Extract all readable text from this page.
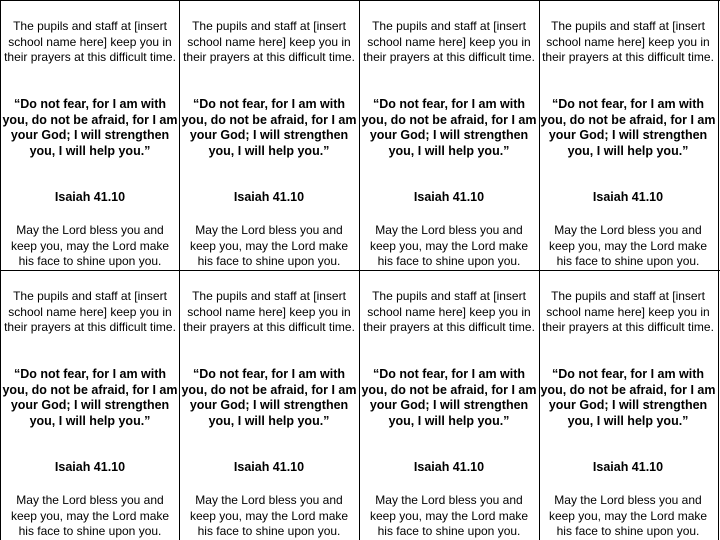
The pupils and staff at [insert school name here] keep you in their prayers at this difficult time.

“Do not fear, for I am with you, do not be afraid, for I am your God; I will strengthen you, I will help you.”

Isaiah 41.10

May the Lord bless you and keep you, may the Lord make his face to shine upon you.

The pupils and staff at [insert school name here] keep you in their prayers at this difficult time.

“Do not fear, for I am with you, do not be afraid, for I am your God; I will strengthen you, I will help you.”

Isaiah 41.10

May the Lord bless you and keep you, may the Lord make his face to shine upon you.

The pupils and staff at [insert school name here] keep you in their prayers at this difficult time.

“Do not fear, for I am with you, do not be afraid, for I am your God; I will strengthen you, I will help you.”

Isaiah 41.10

May the Lord bless you and keep you, may the Lord make his face to shine upon you.

The pupils and staff at [insert school name here] keep you in their prayers at this difficult time.

“Do not fear, for I am with you, do not be afraid, for I am your God; I will strengthen you, I will help you.”

Isaiah 41.10

May the Lord bless you and keep you, may the Lord make his face to shine upon you.

The pupils and staff at [insert school name here] keep you in their prayers at this difficult time.

“Do not fear, for I am with you, do not be afraid, for I am your God; I will strengthen you, I will help you.”

Isaiah 41.10

May the Lord bless you and keep you, may the Lord make his face to shine upon you.

The pupils and staff at [insert school name here] keep you in their prayers at this difficult time.

“Do not fear, for I am with you, do not be afraid, for I am your God; I will strengthen you, I will help you.”

Isaiah 41.10

May the Lord bless you and keep you, may the Lord make his face to shine upon you.

The pupils and staff at [insert school name here] keep you in their prayers at this difficult time.

“Do not fear, for I am with you, do not be afraid, for I am your God; I will strengthen you, I will help you.”

Isaiah 41.10

May the Lord bless you and keep you, may the Lord make his face to shine upon you.

The pupils and staff at [insert school name here] keep you in their prayers at this difficult time.

“Do not fear, for I am with you, do not be afraid, for I am your God; I will strengthen you, I will help you.”

Isaiah 41.10

May the Lord bless you and keep you, may the Lord make his face to shine upon you.
